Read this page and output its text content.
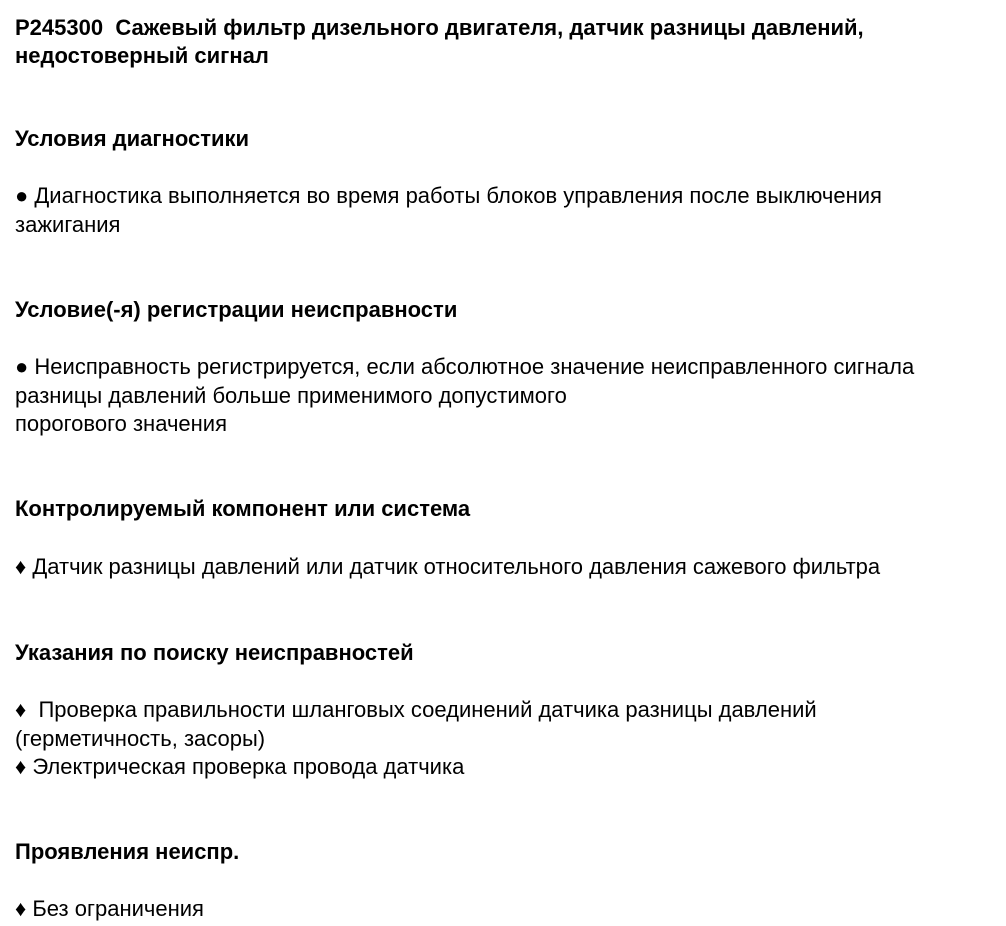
P245300 Сажевый фильтр дизельного двигателя, датчик разницы давлений,
недостоверный сигнал
Условия диагностики
● Диагностика выполняется во время работы блоков управления после выключения
зажигания
Условие(-я) регистрации неисправности
● Неисправность регистрируется, если абсолютное значение неисправленного сигнала
разницы давлений больше применимого допустимого
порогового значения
Контролируемый компонент или система
♦ Датчик разницы давлений или датчик относительного давления сажевого фильтра
Указания по поиску неисправностей
♦  Проверка правильности шланговых соединений датчика разницы давлений
(герметичность, засоры)
♦ Электрическая проверка провода датчика
Проявления неиспр.
♦ Без ограничения
